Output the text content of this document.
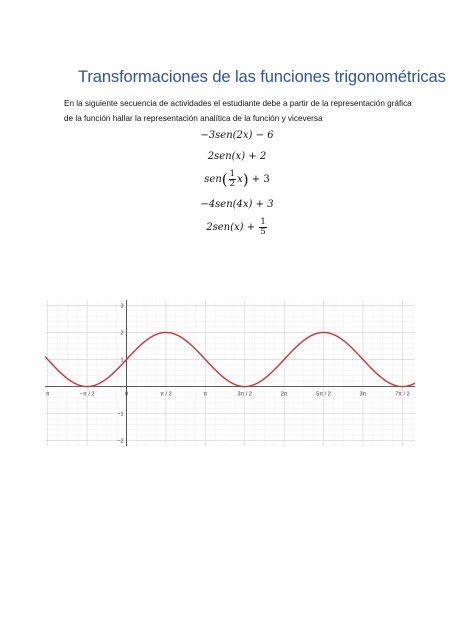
Transformaciones de las funciones trigonométricas
En la siguiente secuencia de actividades el estudiante debe a partir de la representación gráfica de la función hallar la representación analítica de la función y viceversa
−3sen(2x) − 6
2sen(x) + 2
$sen( \frac{1}{2} x) + 3$
−4sen(4x) + 3
$2sen(x) + \frac{1}{5}$
π	−π / 2	0	π / 2	π	3π / 2	2π	5π / 2	3π	7π / 2
3
2
1
−1
−2
